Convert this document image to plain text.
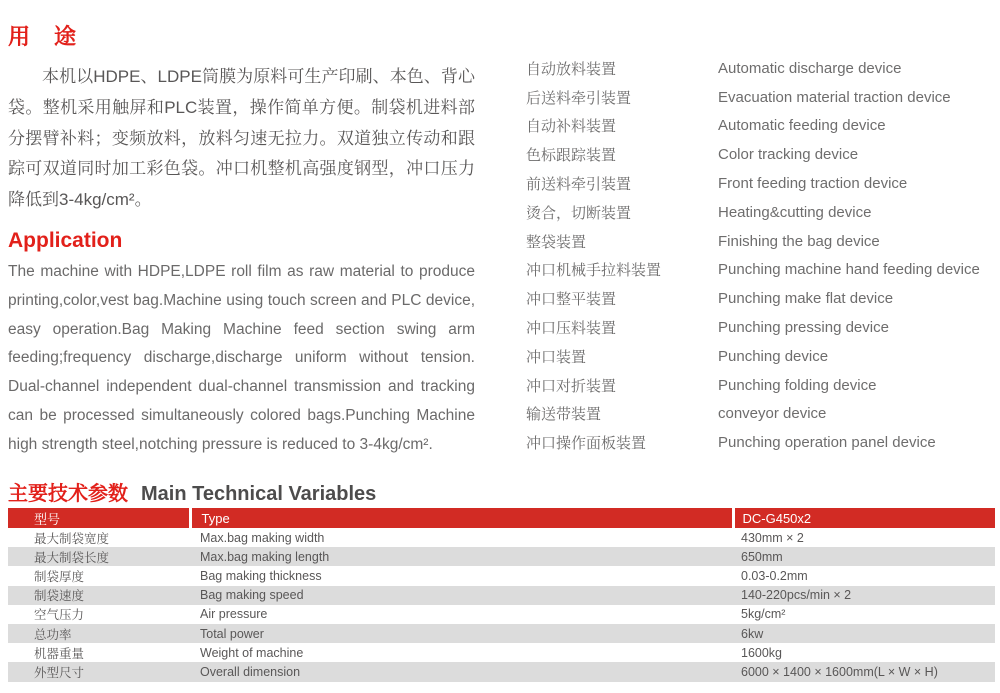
用　途

本机以HDPE、LDPE筒膜为原料可生产印刷、本色、背心袋。整机采用触屏和PLC装置，操作简单方便。制袋机进料部分摆臂补料；变频放料，放料匀速无拉力。双道独立传动和跟踪可双道同时加工彩色袋。冲口机整机高强度钢型，冲口压力降低到3-4kg/cm²。

Application

The machine with HDPE,LDPE roll film as raw material to produce printing,color,vest bag.Machine using touch screen and PLC device, easy operation.Bag Making Machine feed section swing arm feeding;frequency discharge,discharge uniform without tension. Dual-channel independent dual-channel transmission and tracking can be processed simultaneously colored bags.Punching Machine high strength steel,notching pressure is reduced to 3-4kg/cm².

自动放料装置	Automatic discharge device
后送料牵引装置	Evacuation material traction device
自动补料装置	Automatic feeding device
色标跟踪装置	Color tracking device
前送料牵引装置	Front feeding traction device
烫合，切断装置	Heating&cutting device
整袋装置	Finishing the bag device
冲口机械手拉料装置	Punching machine hand feeding device
冲口整平装置	Punching make flat device
冲口压料装置	Punching pressing device
冲口装置	Punching device
冲口对折装置	Punching folding device
输送带装置	conveyor device
冲口操作面板装置	Punching operation panel device
主要技术参数 Main Technical Variables
型号	Type	DC-G450x2
最大制袋宽度	Max.bag making width	430mm × 2
最大制袋长度	Max.bag making length	650mm
制袋厚度	Bag making thickness	0.03-0.2mm
制袋速度	Bag making speed	140-220pcs/min × 2
空气压力	Air pressure	5kg/cm²
总功率	Total power	6kw
机器重量	Weight of machine	1600kg
外型尺寸	Overall dimension	6000 × 1400 × 1600mm(L × W × H)
